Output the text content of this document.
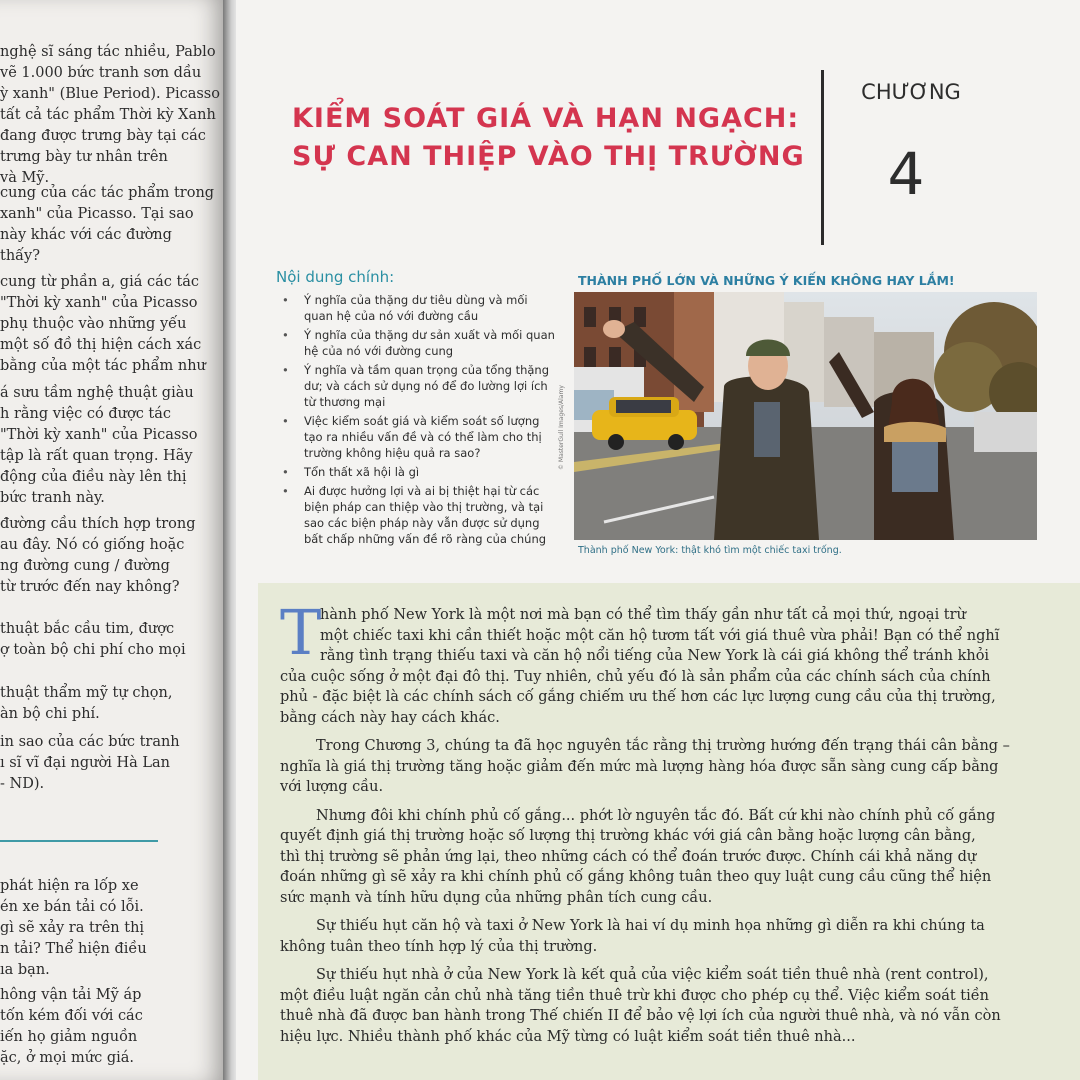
nghệ sĩ sáng tác nhiều, Pablo
vẽ 1.000 bức tranh sơn dầu
ỳ xanh" (Blue Period). Picasso
tất cả tác phẩm Thời kỳ Xanh
đang được trưng bày tại các
trưng bày tư nhân trên
và Mỹ.
cung của các tác phẩm trong
xanh" của Picasso. Tại sao
này khác với các đường
thấy?
cung từ phần a, giá các tác
"Thời kỳ xanh" của Picasso
phụ thuộc vào những yếu
một số đồ thị hiện cách xác
bằng của một tác phẩm như
á sưu tầm nghệ thuật giàu
h rằng việc có được tác
"Thời kỳ xanh" của Picasso
tập là rất quan trọng. Hãy
động của điều này lên thị
bức tranh này.
đường cầu thích hợp trong
au đây. Nó có giống hoặc
ng đường cung / đường
từ trước đến nay không?
thuật bắc cầu tim, được
ợ toàn bộ chi phí cho mọi
thuật thẩm mỹ tự chọn,
àn bộ chi phí.
in sao của các bức tranh
ı sĩ vĩ đại người Hà Lan
- ND).
phát hiện ra lốp xe
én xe bán tải có lỗi.
gì sẽ xảy ra trên thị
n tải? Thể hiện điều
ıa bạn.
hông vận tải Mỹ áp
tốn kém đối với các
iến họ giảm nguồn
ặc, ở mọi mức giá.
KIỂM SOÁT GIÁ VÀ HẠN NGẠCH:
SỰ CAN THIỆP VÀO THỊ TRƯỜNG
CHƯƠNG
4
Nội dung chính:
• Ý nghĩa của thặng dư tiêu dùng và mối quan hệ của nó với đường cầu
• Ý nghĩa của thặng dư sản xuất và mối quan hệ của nó với đường cung
• Ý nghĩa và tầm quan trọng của tổng thặng dư; và cách sử dụng nó để đo lường lợi ích từ thương mại
• Việc kiểm soát giá và kiểm soát số lượng tạo ra nhiều vấn đề và có thể làm cho thị trường không hiệu quả ra sao?
• Tổn thất xã hội là gì
• Ai được hưởng lợi và ai bị thiệt hại từ các biện pháp can thiệp vào thị trường, và tại sao các biện pháp này vẫn được sử dụng bất chấp những vấn đề rõ ràng của chúng
THÀNH PHỐ LỚN VÀ NHỮNG Ý KIẾN KHÔNG HAY LẮM!
© MasterGull Images/Alamy
Thành phố New York: thật khó tìm một chiếc taxi trống.
T
hành phố New York là một nơi mà bạn có thể tìm thấy gần như tất cả mọi thứ, ngoại trừ
một chiếc taxi khi cần thiết hoặc một căn hộ tươm tất với giá thuê vừa phải! Bạn có thể nghĩ
rằng tình trạng thiếu taxi và căn hộ nổi tiếng của New York là cái giá không thể tránh khỏi
của cuộc sống ở một đại đô thị. Tuy nhiên, chủ yếu đó là sản phẩm của các chính sách của chính
phủ - đặc biệt là các chính sách cố gắng chiếm ưu thế hơn các lực lượng cung cầu của thị trường,
bằng cách này hay cách khác.
Trong Chương 3, chúng ta đã học nguyên tắc rằng thị trường hướng đến trạng thái cân bằng –
nghĩa là giá thị trường tăng hoặc giảm đến mức mà lượng hàng hóa được sẵn sàng cung cấp bằng
với lượng cầu.
Nhưng đôi khi chính phủ cố gắng... phớt lờ nguyên tắc đó. Bất cứ khi nào chính phủ cố gắng
quyết định giá thị trường hoặc số lượng thị trường khác với giá cân bằng hoặc lượng cân bằng,
thì thị trường sẽ phản ứng lại, theo những cách có thể đoán trước được. Chính cái khả năng dự
đoán những gì sẽ xảy ra khi chính phủ cố gắng không tuân theo quy luật cung cầu cũng thể hiện
sức mạnh và tính hữu dụng của những phân tích cung cầu.
Sự thiếu hụt căn hộ và taxi ở New York là hai ví dụ minh họa những gì diễn ra khi chúng ta
không tuân theo tính hợp lý của thị trường.
Sự thiếu hụt nhà ở của New York là kết quả của việc kiểm soát tiền thuê nhà (rent control),
một điều luật ngăn cản chủ nhà tăng tiền thuê trừ khi được cho phép cụ thể. Việc kiểm soát tiền
thuê nhà đã được ban hành trong Thế chiến II để bảo vệ lợi ích của người thuê nhà, và nó vẫn còn
hiệu lực. Nhiều thành phố khác của Mỹ từng có luật kiểm soát tiền thuê nhà...
